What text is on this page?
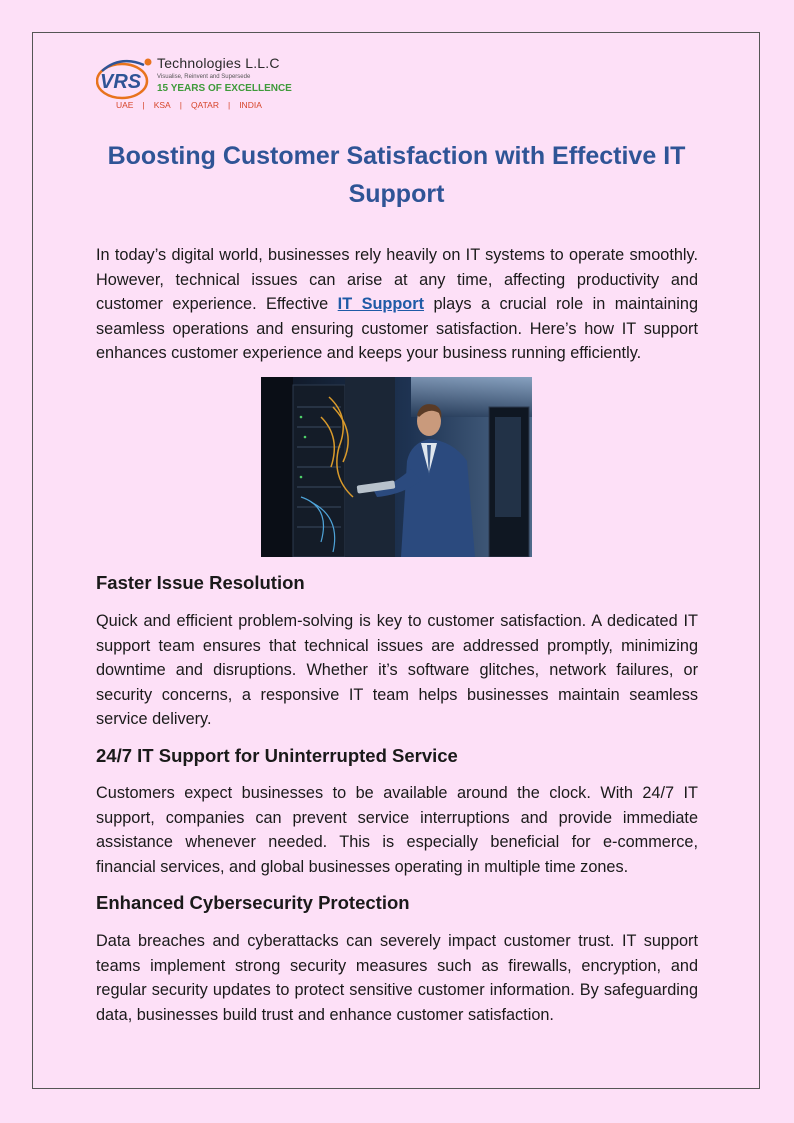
VRS
Technologies L.L.C
Visualise, Reinvent and Supersede
15 YEARS OF EXCELLENCE
UAE | KSA | QATAR | INDIA
Boosting Customer Satisfaction with Effective IT Support

In today’s digital world, businesses rely heavily on IT systems to operate smoothly. However, technical issues can arise at any time, affecting productivity and customer experience. Effective IT Support plays a crucial role in maintaining seamless operations and ensuring customer satisfaction. Here’s how IT support enhances customer experience and keeps your business running efficiently.

Faster Issue Resolution

Quick and efficient problem-solving is key to customer satisfaction. A dedicated IT support team ensures that technical issues are addressed promptly, minimizing downtime and disruptions. Whether it’s software glitches, network failures, or security concerns, a responsive IT team helps businesses maintain seamless service delivery.

24/7 IT Support for Uninterrupted Service

Customers expect businesses to be available around the clock. With 24/7 IT support, companies can prevent service interruptions and provide immediate assistance whenever needed. This is especially beneficial for e-commerce, financial services, and global businesses operating in multiple time zones.

Enhanced Cybersecurity Protection

Data breaches and cyberattacks can severely impact customer trust. IT support teams implement strong security measures such as firewalls, encryption, and regular security updates to protect sensitive customer information. By safeguarding data, businesses build trust and enhance customer satisfaction.
